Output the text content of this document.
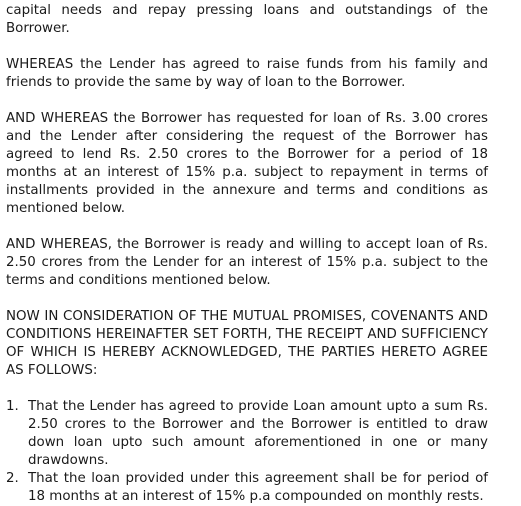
capital needs and repay pressing loans and outstandings of the Borrower.

WHEREAS the Lender has agreed to raise funds from his family and friends to provide the same by way of loan to the Borrower.

AND WHEREAS the Borrower has requested for loan of Rs. 3.00 crores and the Lender after considering the request of the Borrower has agreed to lend Rs. 2.50 crores to the Borrower for a period of 18 months at an interest of 15% p.a. subject to repayment in terms of installments provided in the annexure and terms and conditions as mentioned below.

AND WHEREAS, the Borrower is ready and willing to accept loan of Rs. 2.50 crores from the Lender for an interest of 15% p.a. subject to the terms and conditions mentioned below.

NOW IN CONSIDERATION OF THE MUTUAL PROMISES, COVENANTS AND CONDITIONS HEREINAFTER SET FORTH, THE RECEIPT AND SUFFICIENCY OF WHICH IS HEREBY ACKNOWLEDGED, THE PARTIES HERETO AGREE AS FOLLOWS:

1. That the Lender has agreed to provide Loan amount upto a sum Rs. 2.50 crores to the Borrower and the Borrower is entitled to draw down loan upto such amount aforementioned in one or many drawdowns.
2. That the loan provided under this agreement shall be for period of 18 months at an interest of 15% p.a compounded on monthly rests.
